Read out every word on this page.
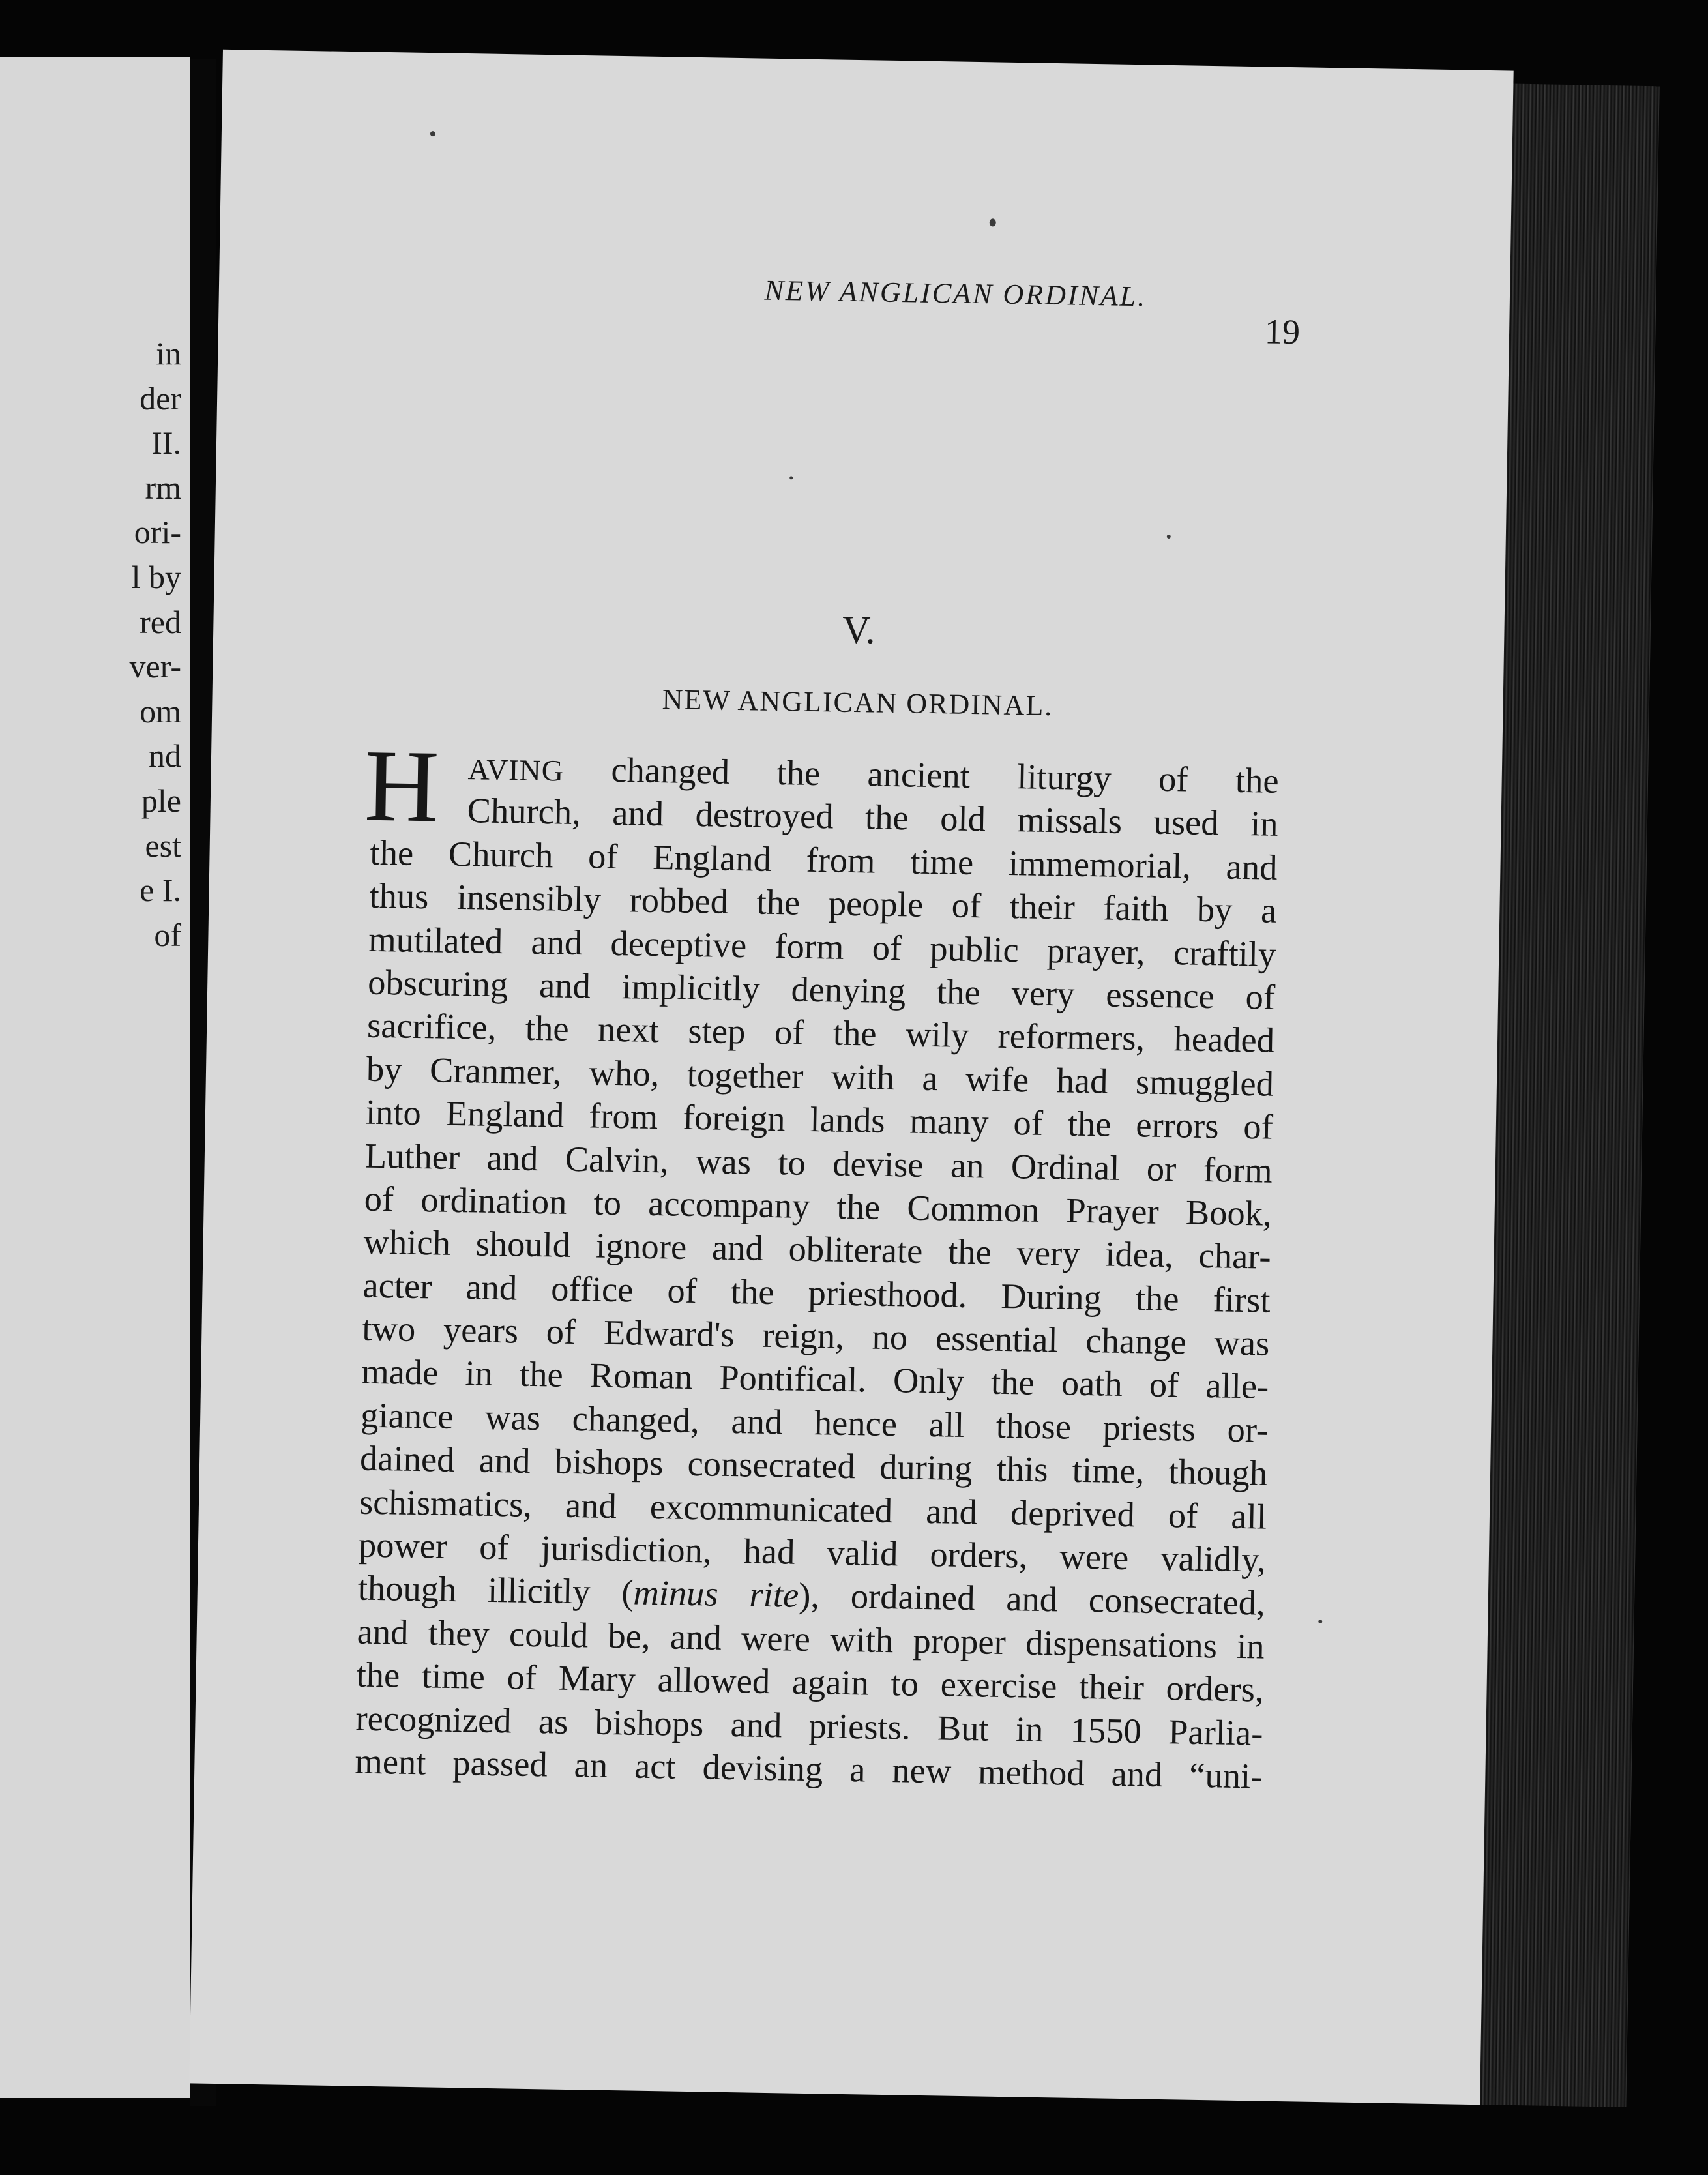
in
der
II.
rm
ori-
l by
red
ver-
om
nd
ple
est
e I.
of
NEW ANGLICAN ORDINAL.
19
V.
NEW ANGLICAN ORDINAL.
H AVING changed the ancient liturgy of the
Church, and destroyed the old missals used in
the Church of England from time immemorial, and
thus insensibly robbed the people of their faith by a
mutilated and deceptive form of public prayer, craftily
obscuring and implicitly denying the very essence of
sacrifice, the next step of the wily reformers, headed
by Cranmer, who, together with a wife had smuggled
into England from foreign lands many of the errors of
Luther and Calvin, was to devise an Ordinal or form
of ordination to accompany the Common Prayer Book,
which should ignore and obliterate the very idea, char-
acter and office of the priesthood. During the first
two years of Edward's reign, no essential change was
made in the Roman Pontifical. Only the oath of alle-
giance was changed, and hence all those priests or-
dained and bishops consecrated during this time, though
schismatics, and excommunicated and deprived of all
power of jurisdiction, had valid orders, were validly,
though illicitly (minus rite), ordained and consecrated,
and they could be, and were with proper dispensations in
the time of Mary allowed again to exercise their orders,
recognized as bishops and priests. But in 1550 Parlia-
ment passed an act devising a new method and “uni-
